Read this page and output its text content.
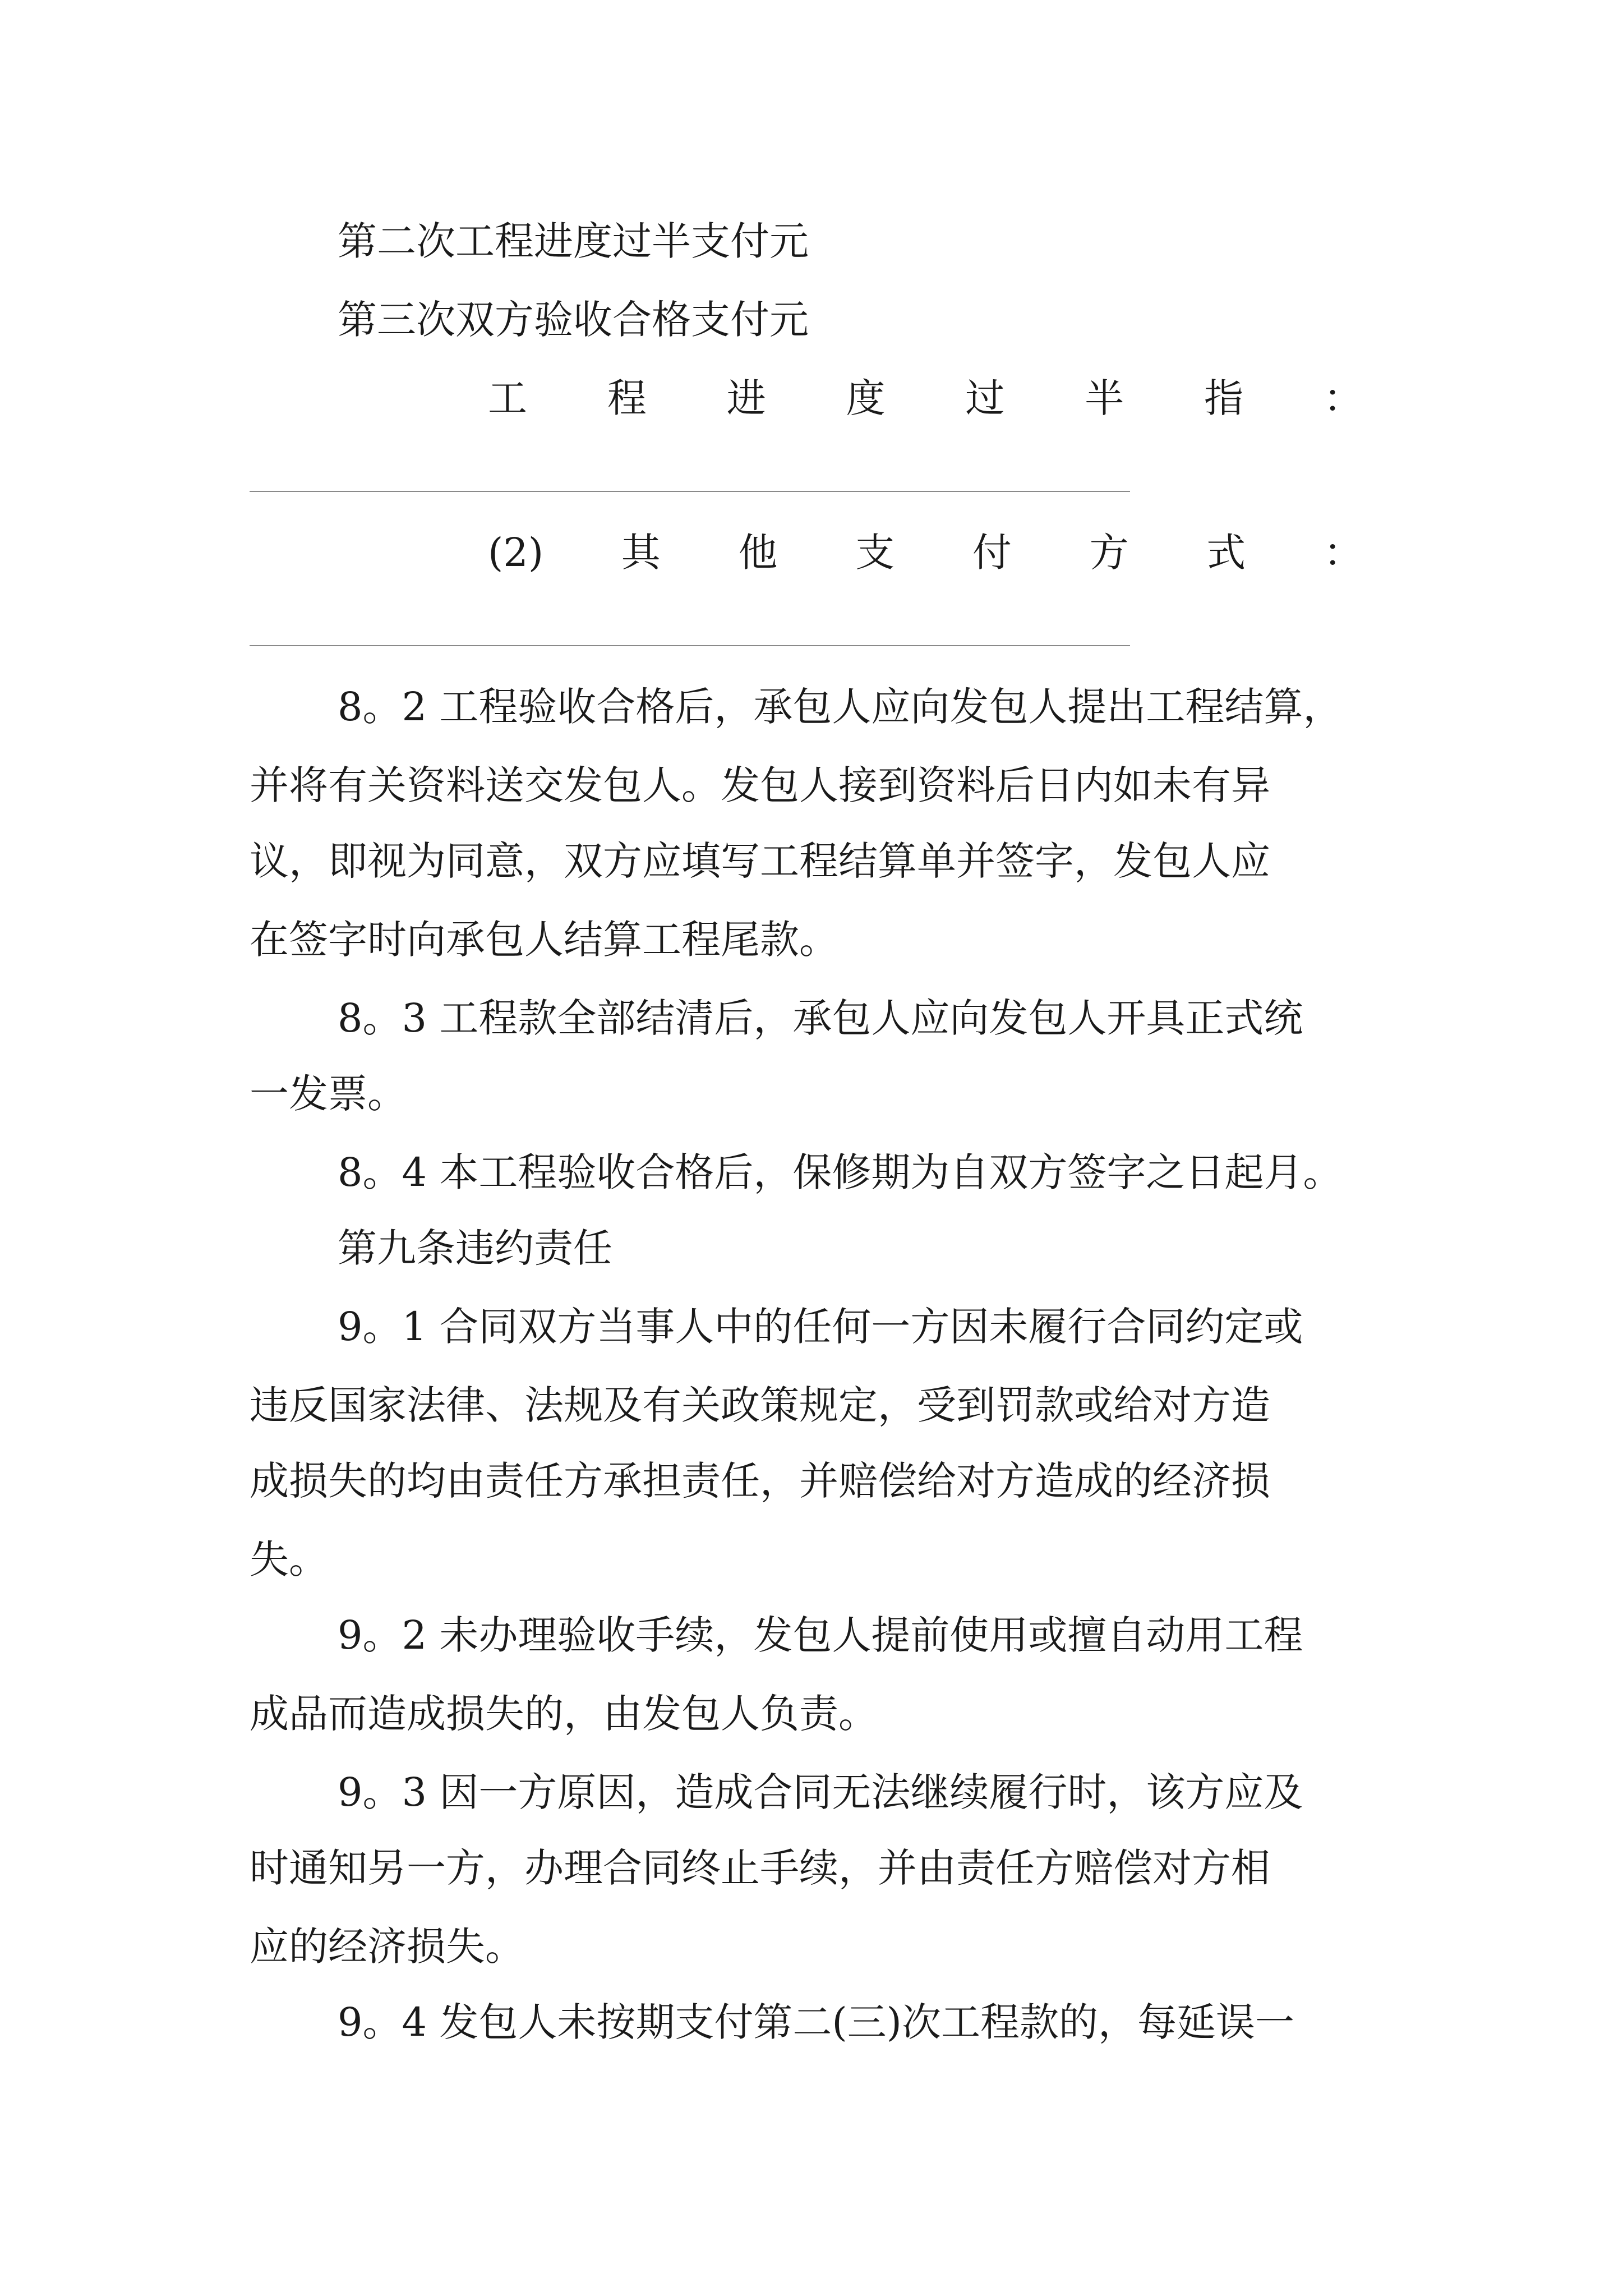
第二次工程进度过半支付元
第三次双方验收合格支付元
工 程 进 度 过 半 指 ：
(2) 其 他 支 付 方 式 ：
8。2 工程验收合格后，承包人应向发包人提出工程结算，
并将有关资料送交发包人。发包人接到资料后日内如未有异
议，即视为同意，双方应填写工程结算单并签字，发包人应
在签字时向承包人结算工程尾款。
8。3 工程款全部结清后，承包人应向发包人开具正式统
一发票。
8。4 本工程验收合格后，保修期为自双方签字之日起月。
第九条违约责任
9。1 合同双方当事人中的任何一方因未履行合同约定或
违反国家法律、法规及有关政策规定，受到罚款或给对方造
成损失的均由责任方承担责任，并赔偿给对方造成的经济损
失。
9。2 未办理验收手续，发包人提前使用或擅自动用工程
成品而造成损失的，由发包人负责。
9。3 因一方原因，造成合同无法继续履行时，该方应及
时通知另一方，办理合同终止手续，并由责任方赔偿对方相
应的经济损失。
9。4 发包人未按期支付第二(三)次工程款的，每延误一
